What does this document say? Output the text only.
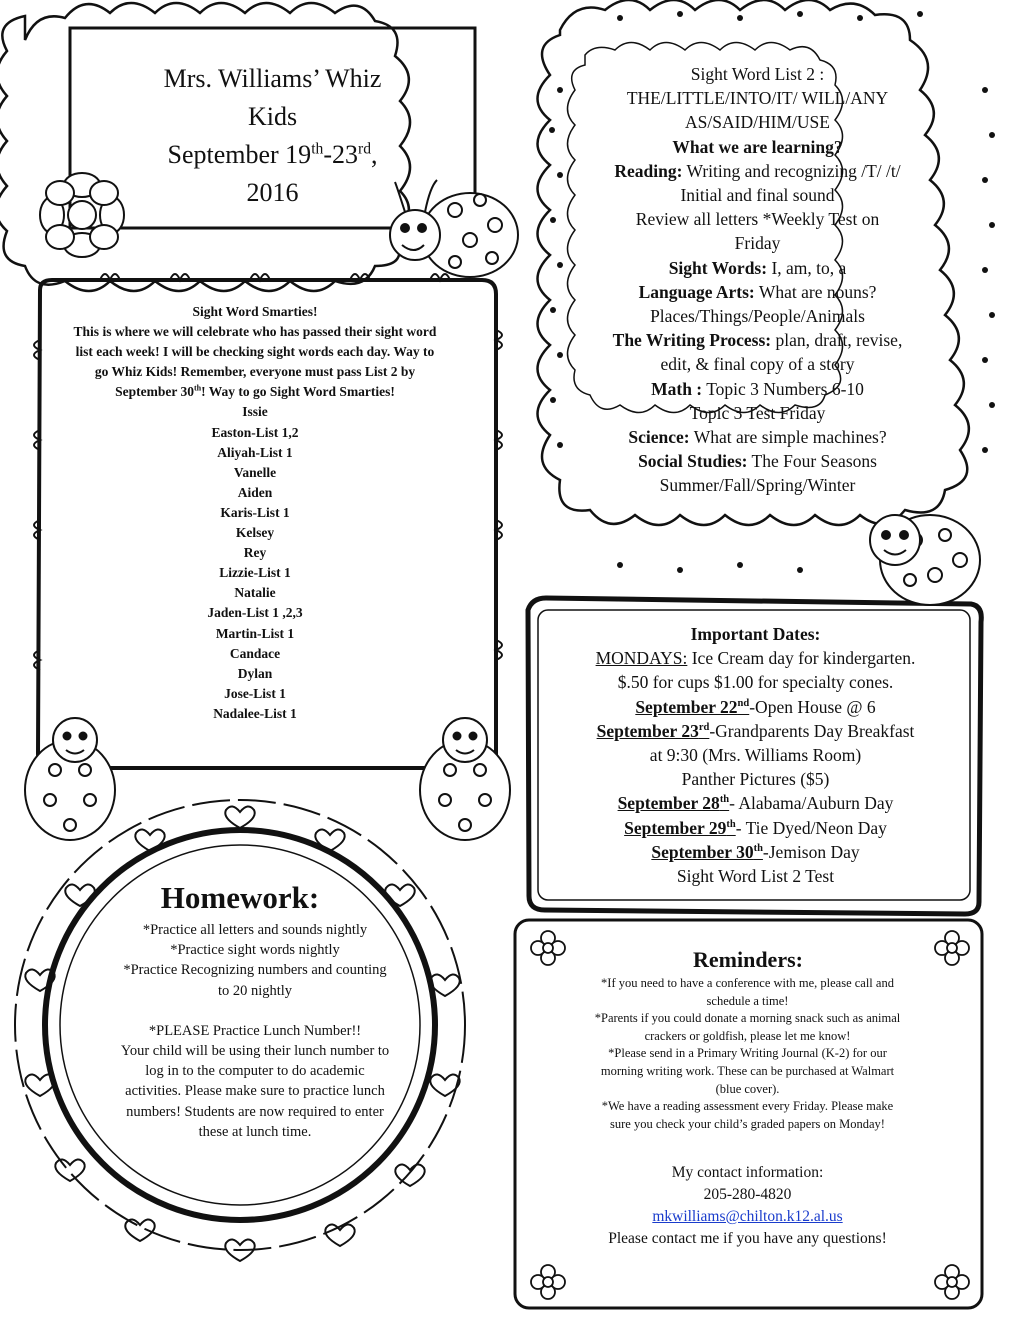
Mrs. Williams’ Whiz
Kids
September 19th-23rd,
2016
Sight Word Smarties!
This is where we will celebrate who has passed their sight word list each week! I will be checking sight words each day. Way to go Whiz Kids! Remember, everyone must pass List 2 by September 30th! Way to go Sight Word Smarties!
Issie
Easton-List 1,2
Aliyah-List 1
Vanelle
Aiden
Karis-List 1
Kelsey
Rey
Lizzie-List 1
Natalie
Jaden-List 1 ,2,3
Martin-List 1
Candace
Dylan
Jose-List 1
Nadalee-List 1
Sight Word List 2 :
THE/LITTLE/INTO/IT/ WILL/ANY
AS/SAID/HIM/USE
What we are learning?
Reading: Writing and recognizing /T/ /t/
Initial and final sound
Review all letters *Weekly Test on
Friday
Sight Words: I, am, to, a
Language Arts: What are nouns?
Places/Things/People/Animals
The Writing Process: plan, draft, revise,
edit, & final copy of a story
Math : Topic 3 Numbers 6-10
Topic 3 Test Friday
Science: What are simple machines?
Social Studies: The Four Seasons
Summer/Fall/Spring/Winter
Important Dates:
MONDAYS: Ice Cream day for kindergarten.
$.50 for cups $1.00 for specialty cones.
September 22nd-Open House @ 6
September 23rd-Grandparents Day Breakfast
at 9:30 (Mrs. Williams Room)
Panther Pictures ($5)
September 28th- Alabama/Auburn Day
September 29th- Tie Dyed/Neon Day
September 30th-Jemison Day
Sight Word List 2 Test
Homework:
*Practice all letters and sounds nightly
*Practice sight words nightly
*Practice Recognizing numbers and counting
to 20 nightly
*PLEASE Practice Lunch Number!!
Your child will be using their lunch number to
log in to the computer to do academic
activities. Please make sure to practice lunch
numbers! Students are now required to enter
these at lunch time.
Reminders:
*If you need to have a conference with me, please call and
schedule a time!
*Parents if you could donate a morning snack such as animal
crackers or goldfish, please let me know!
*Please send in a Primary Writing Journal (K-2) for our
morning writing work. These can be purchased at Walmart
(blue cover).
*We have a reading assessment every Friday. Please make
sure you check your child’s graded papers on Monday!
My contact information:
205-280-4820
mkwilliams@chilton.k12.al.us
Please contact me if you have any questions!
